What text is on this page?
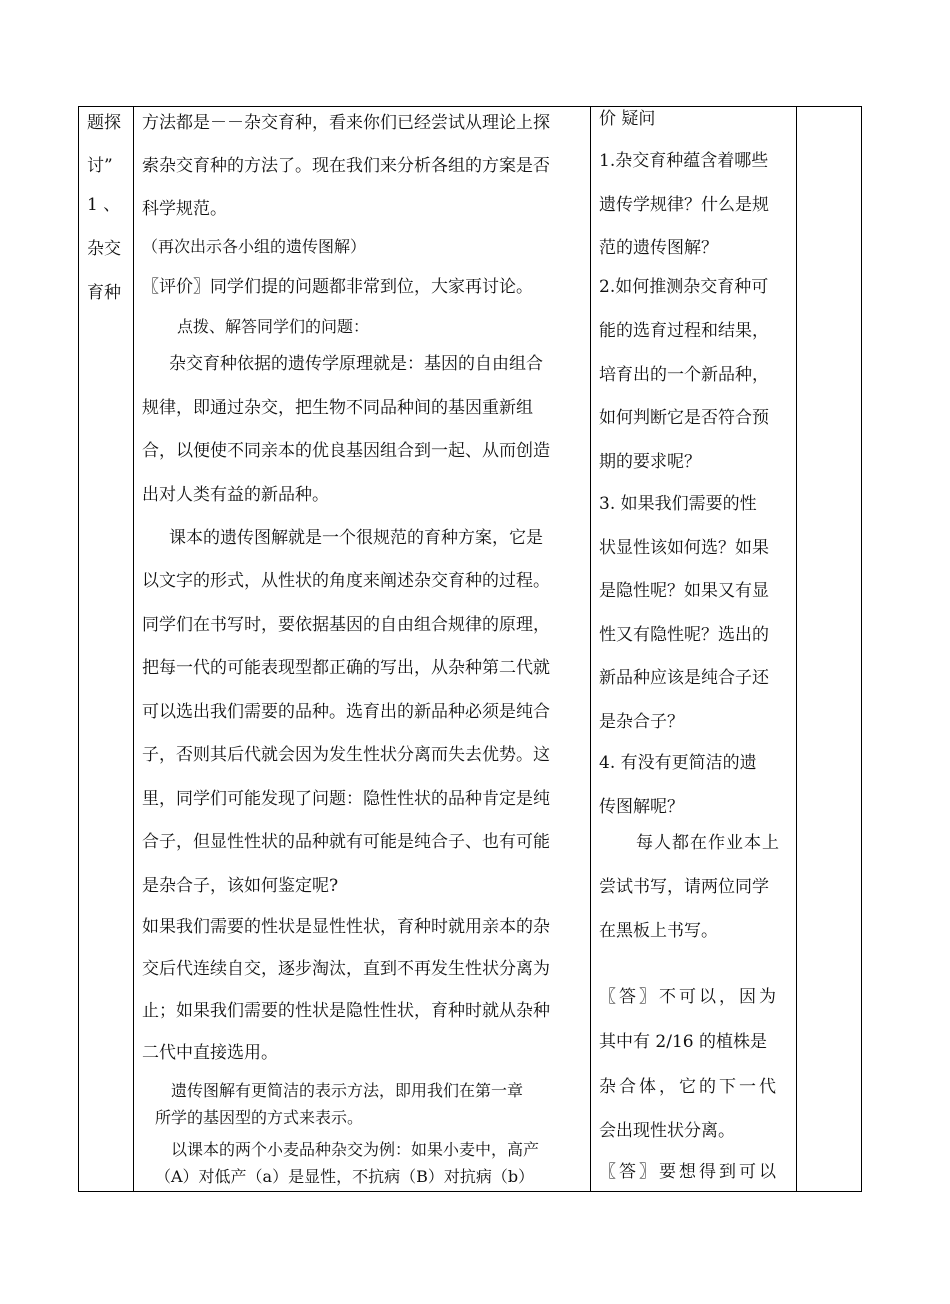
题探
讨”
1 、
杂交
育种
方法都是－－杂交育种，看来你们已经尝试从理论上探
索杂交育种的方法了。现在我们来分析各组的方案是否
科学规范。
（再次出示各小组的遗传图解）
〖评价〗同学们提的问题都非常到位，大家再讨论。
点拨、解答同学们的问题：
杂交育种依据的遗传学原理就是：基因的自由组合
规律，即通过杂交，把生物不同品种间的基因重新组
合，以便使不同亲本的优良基因组合到一起、从而创造
出对人类有益的新品种。
课本的遗传图解就是一个很规范的育种方案，它是
以文字的形式，从性状的角度来阐述杂交育种的过程。
同学们在书写时，要依据基因的自由组合规律的原理，
把每一代的可能表现型都正确的写出，从杂种第二代就
可以选出我们需要的品种。选育出的新品种必须是纯合
子，否则其后代就会因为发生性状分离而失去优势。这
里，同学们可能发现了问题：隐性性状的品种肯定是纯
合子，但显性性状的品种就有可能是纯合子、也有可能
是杂合子，该如何鉴定呢?
如果我们需要的性状是显性性状，育种时就用亲本的杂
交后代连续自交，逐步淘汰，直到不再发生性状分离为
止；如果我们需要的性状是隐性性状，育种时就从杂种
二代中直接选用。
遗传图解有更简洁的表示方法，即用我们在第一章
所学的基因型的方式来表示。
以课本的两个小麦品种杂交为例：如果小麦中，高产
（A）对低产（a）是显性，不抗病（B）对抗病（b）
价 疑问
1.杂交育种蕴含着哪些
遗传学规律？什么是规
范的遗传图解？
2.如何推测杂交育种可
能的选育过程和结果，
培育出的一个新品种，
如何判断它是否符合预
期的要求呢？
3. 如果我们需要的性
状显性该如何选？如果
是隐性呢？如果又有显
性又有隐性呢？选出的
新品种应该是纯合子还
是杂合子？
4. 有没有更简洁的遗
传图解呢？
每人都在作业本上
尝试书写，请两位同学
在黑板上书写。
〖答〗不可以，因为
其中有 2/16 的植株是
杂合体，它的下一代
会出现性状分离。
〖答〗要想得到可以
